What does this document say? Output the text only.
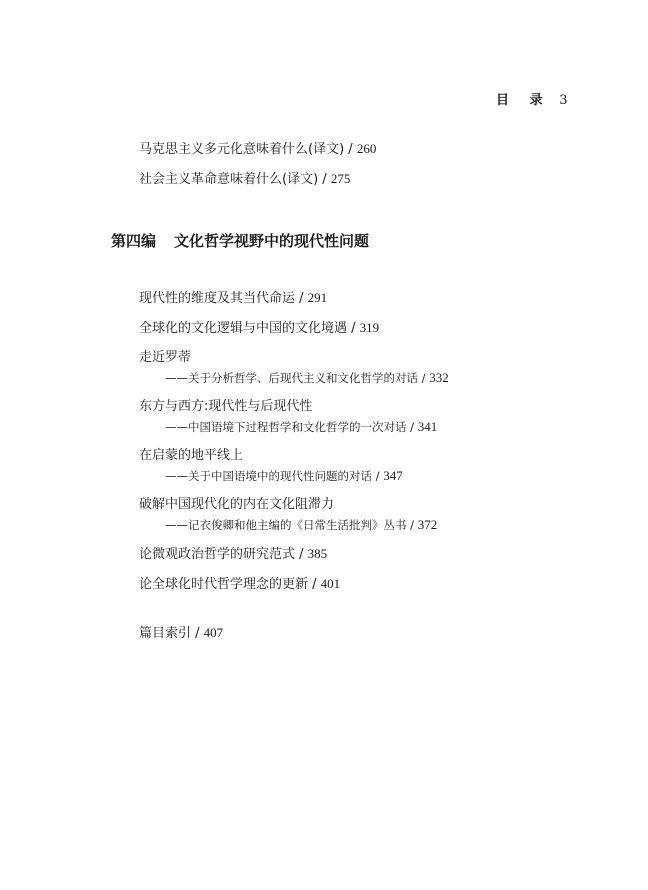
目 录 3
马克思主义多元化意味着什么(译文) / 260
社会主义革命意味着什么(译文) / 275
第四编 文化哲学视野中的现代性问题
现代性的维度及其当代命运 / 291
全球化的文化逻辑与中国的文化境遇 / 319
走近罗蒂
——关于分析哲学、后现代主义和文化哲学的对话 / 332
东方与西方:现代性与后现代性
——中国语境下过程哲学和文化哲学的一次对话 / 341
在启蒙的地平线上
——关于中国语境中的现代性问题的对话 / 347
破解中国现代化的内在文化阻滞力
——记衣俊卿和他主编的《日常生活批判》丛书 / 372
论微观政治哲学的研究范式 / 385
论全球化时代哲学理念的更新 / 401
篇目索引 / 407
